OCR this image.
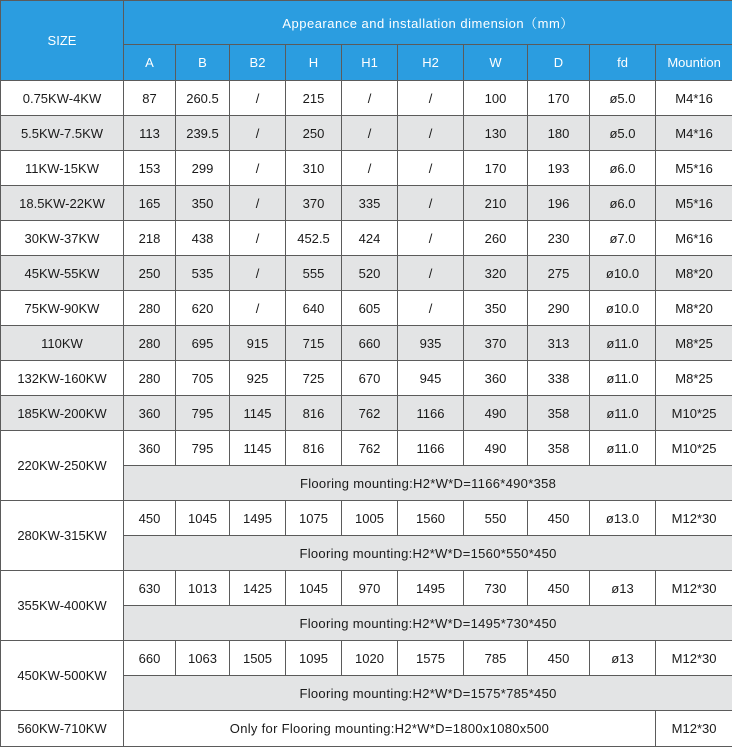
SIZE	Appearance and installation dimension（mm）									
	A	B	B2	H	H1	H2	W	D	fd	Mountion
0.75KW-4KW	87	260.5	/	215	/	/	100	170	ø5.0	M4*16
5.5KW-7.5KW	113	239.5	/	250	/	/	130	180	ø5.0	M4*16
11KW-15KW	153	299	/	310	/	/	170	193	ø6.0	M5*16
18.5KW-22KW	165	350	/	370	335	/	210	196	ø6.0	M5*16
30KW-37KW	218	438	/	452.5	424	/	260	230	ø7.0	M6*16
45KW-55KW	250	535	/	555	520	/	320	275	ø10.0	M8*20
75KW-90KW	280	620	/	640	605	/	350	290	ø10.0	M8*20
110KW	280	695	915	715	660	935	370	313	ø11.0	M8*25
132KW-160KW	280	705	925	725	670	945	360	338	ø11.0	M8*25
185KW-200KW	360	795	1145	816	762	1166	490	358	ø11.0	M10*25
220KW-250KW	360	795	1145	816	762	1166	490	358	ø11.0	M10*25
	Flooring mounting:H2*W*D=1166*490*358									
280KW-315KW	450	1045	1495	1075	1005	1560	550	450	ø13.0	M12*30
	Flooring mounting:H2*W*D=1560*550*450									
355KW-400KW	630	1013	1425	1045	970	1495	730	450	ø13	M12*30
	Flooring mounting:H2*W*D=1495*730*450									
450KW-500KW	660	1063	1505	1095	1020	1575	785	450	ø13	M12*30
	Flooring mounting:H2*W*D=1575*785*450									
560KW-710KW	Only for Flooring mounting:H2*W*D=1800x1080x500									M12*30
